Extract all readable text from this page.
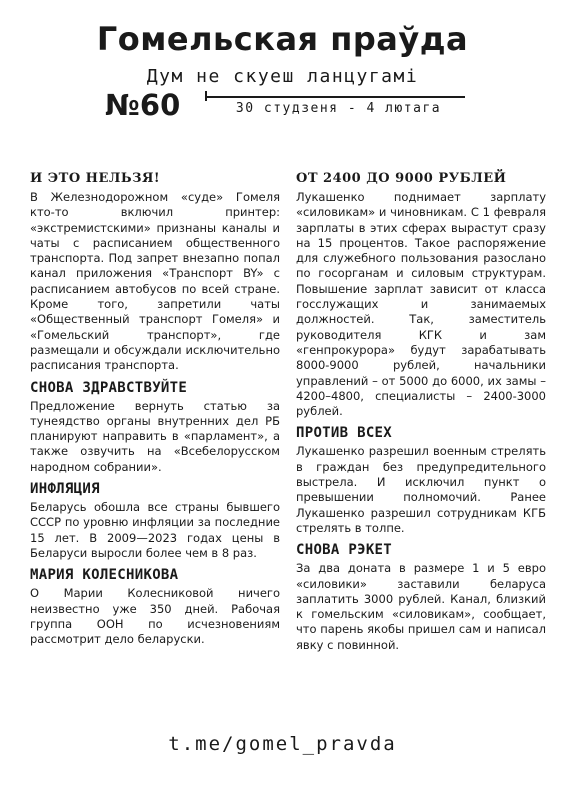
Гомельская праўда

Дум не скуеш ланцугамі

№60	30 студзеня - 4 лютага
И ЭТО НЕЛЬЗЯ!

В Железнодорожном «суде» Гомеля кто-то включил принтер: «экстремистскими» признаны каналы и чаты с расписанием общественного транспорта. Под запрет внезапно попал канал приложения «Транспорт BY» с расписанием автобусов по всей стране. Кроме того, запретили чаты «Общественный транспорт Гомеля» и «Гомельский транспорт», где размещали и обсуждали исключительно расписания транспорта.

СНОВА ЗДРАВСТВУЙТЕ

Предложение вернуть статью за тунеядство органы внутренних дел РБ планируют направить в «парламент», а также озвучить на «Всебелорусском народном собрании».

ИНФЛЯЦИЯ

Беларусь обошла все страны бывшего СССР по уровню инфляции за последние 15 лет. В 2009—2023 годах цены в Беларуси выросли более чем в 8 раз.

МАРИЯ КОЛЕСНИКОВА

О Марии Колесниковой ничего неизвестно уже 350 дней. Рабочая группа ООН по исчезновениям рассмотрит дело беларуски.

ОТ 2400 ДО 9000 РУБЛЕЙ

Лукашенко поднимает зарплату «силовикам» и чиновникам. С 1 февраля зарплаты в этих сферах вырастут сразу на 15 процентов. Такое распоряжение для служебного пользования разослано по госорганам и силовым структурам. Повышение зарплат зависит от класса госслужащих и занимаемых должностей. Так, заместитель руководителя КГК и зам «генпрокурора» будут зарабатывать 8000-9000 рублей, начальники управлений – от 5000 до 6000, их замы – 4200–4800, специалисты – 2400-3000 рублей.

ПРОТИВ ВСЕХ

Лукашенко разрешил военным стрелять в граждан без предупредительного выстрела. И исключил пункт о превышении полномочий. Ранее Лукашенко разрешил сотрудникам КГБ стрелять в толпе.

СНОВА РЭКЕТ

За два доната в размере 1 и 5 евро «силовики» заставили беларуса заплатить 3000 рублей. Канал, близкий к гомельским «силовикам», сообщает, что парень якобы пришел сам и написал явку с повинной.

t.me/gomel_pravda
